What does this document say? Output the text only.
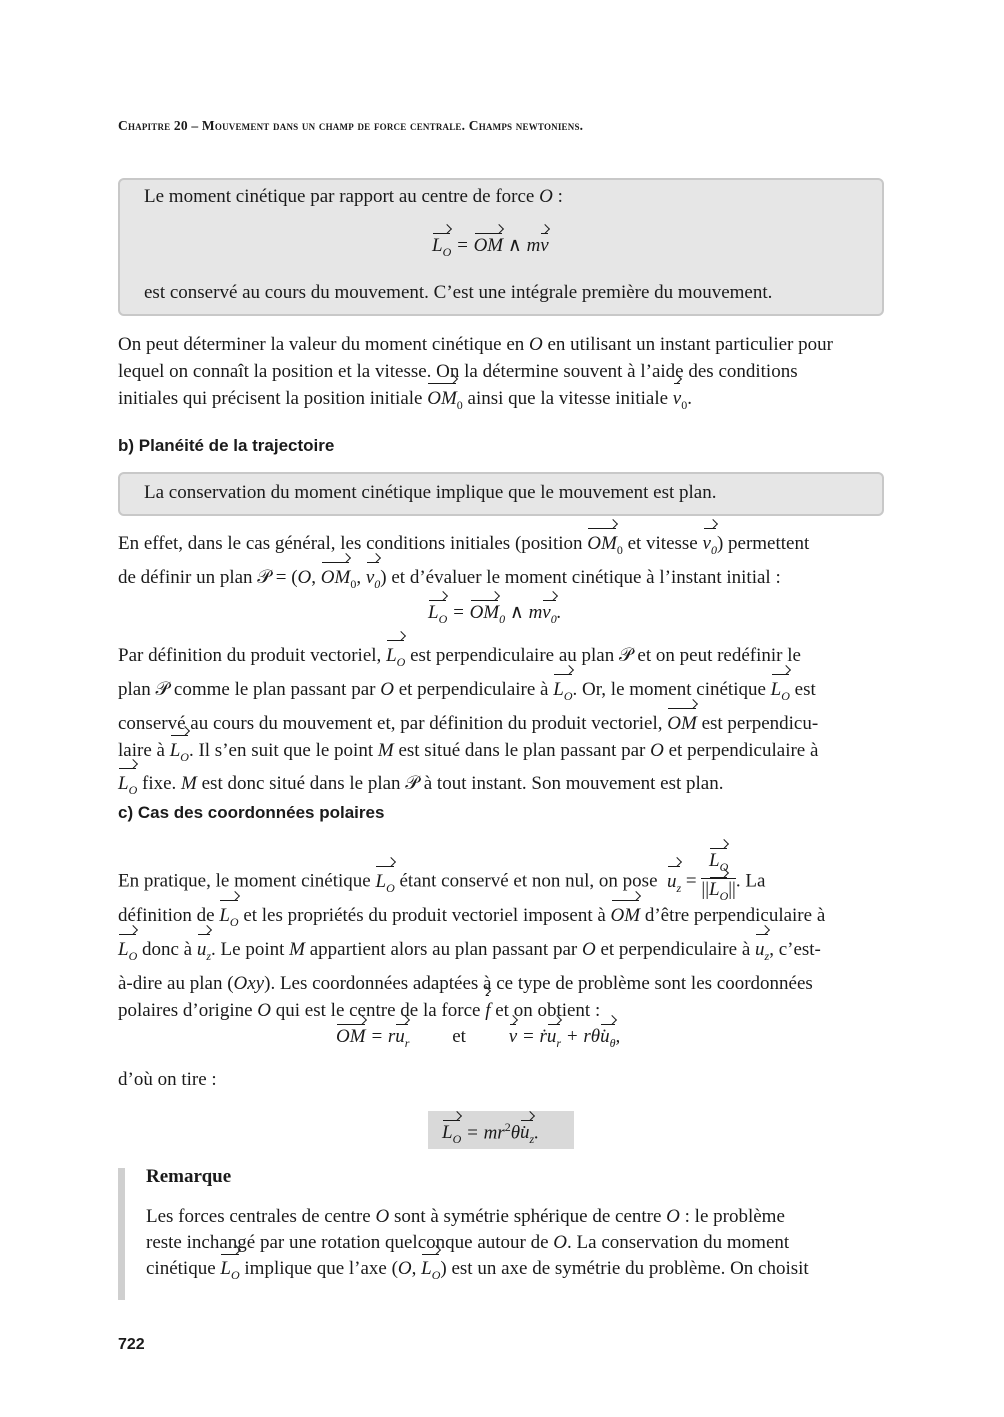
Chapitre 20 – Mouvement dans un champ de force centrale. Champs newtoniens.
Le moment cinétique par rapport au centre de force O :
$L_O$ = OM ∧ mv
est conservé au cours du mouvement. C’est une intégrale première du mouvement.
On peut déterminer la valeur du moment cinétique en O en utilisant un instant particulier pour
lequel on connaît la position et la vitesse. On la détermine souvent à l’aide des conditions
initiales qui précisent la position initiale $OM_0$ ainsi que la vitesse initiale $v_0$.
b) Planéité de la trajectoire
La conservation du moment cinétique implique que le mouvement est plan.
En effet, dans le cas général, les conditions initiales (position $OM_0$ et vitesse $v_0$) permettent
de définir un plan 𝒫 = (O, $OM_0$, $v_0$) et d’évaluer le moment cinétique à l’instant initial :
$L_O = OM_0$ ∧ $mv_0$.
Par définition du produit vectoriel, $L_O$ est perpendiculaire au plan 𝒫 et on peut redéfinir le
plan 𝒫 comme le plan passant par O et perpendiculaire à $L_O$. Or, le moment cinétique $L_O$ est
conservé au cours du mouvement et, par définition du produit vectoriel, OM est perpendicu-
laire à $L_O$. Il s’en suit que le point M est situé dans le plan passant par O et perpendiculaire à
$L_O$ fixe. M est donc situé dans le plan 𝒫 à tout instant. Son mouvement est plan.
c) Cas des coordonnées polaires
En pratique, le moment cinétique $L_O$ étant conservé et non nul, on pose  $u_z = \frac{L_O}{||L_O||}$ . La
définition de $L_O$ et les propriétés du produit vectoriel imposent à OM d’être perpendiculaire à
$L_O$ donc à $u_z$. Le point M appartient alors au plan passant par O et perpendiculaire à $u_z$, c’est-
à-dire au plan (Oxy). Les coordonnées adaptées à ce type de problème sont les coordonnées
polaires d’origine O qui est le centre de la force f et on obtient :
OM = $ru_r$ et v = ṙu$_r$ + $r\thetȧu_\theta$,
d’où on tire :
$L_O$ = $mr^2\thetȧu_z$.
Remarque
Les forces centrales de centre O sont à symétrie sphérique de centre O : le problème
reste inchangé par une rotation quelconque autour de O. La conservation du moment
cinétique $L_O$ implique que l’axe (O, $L_O$) est un axe de symétrie du problème. On choisit
722
